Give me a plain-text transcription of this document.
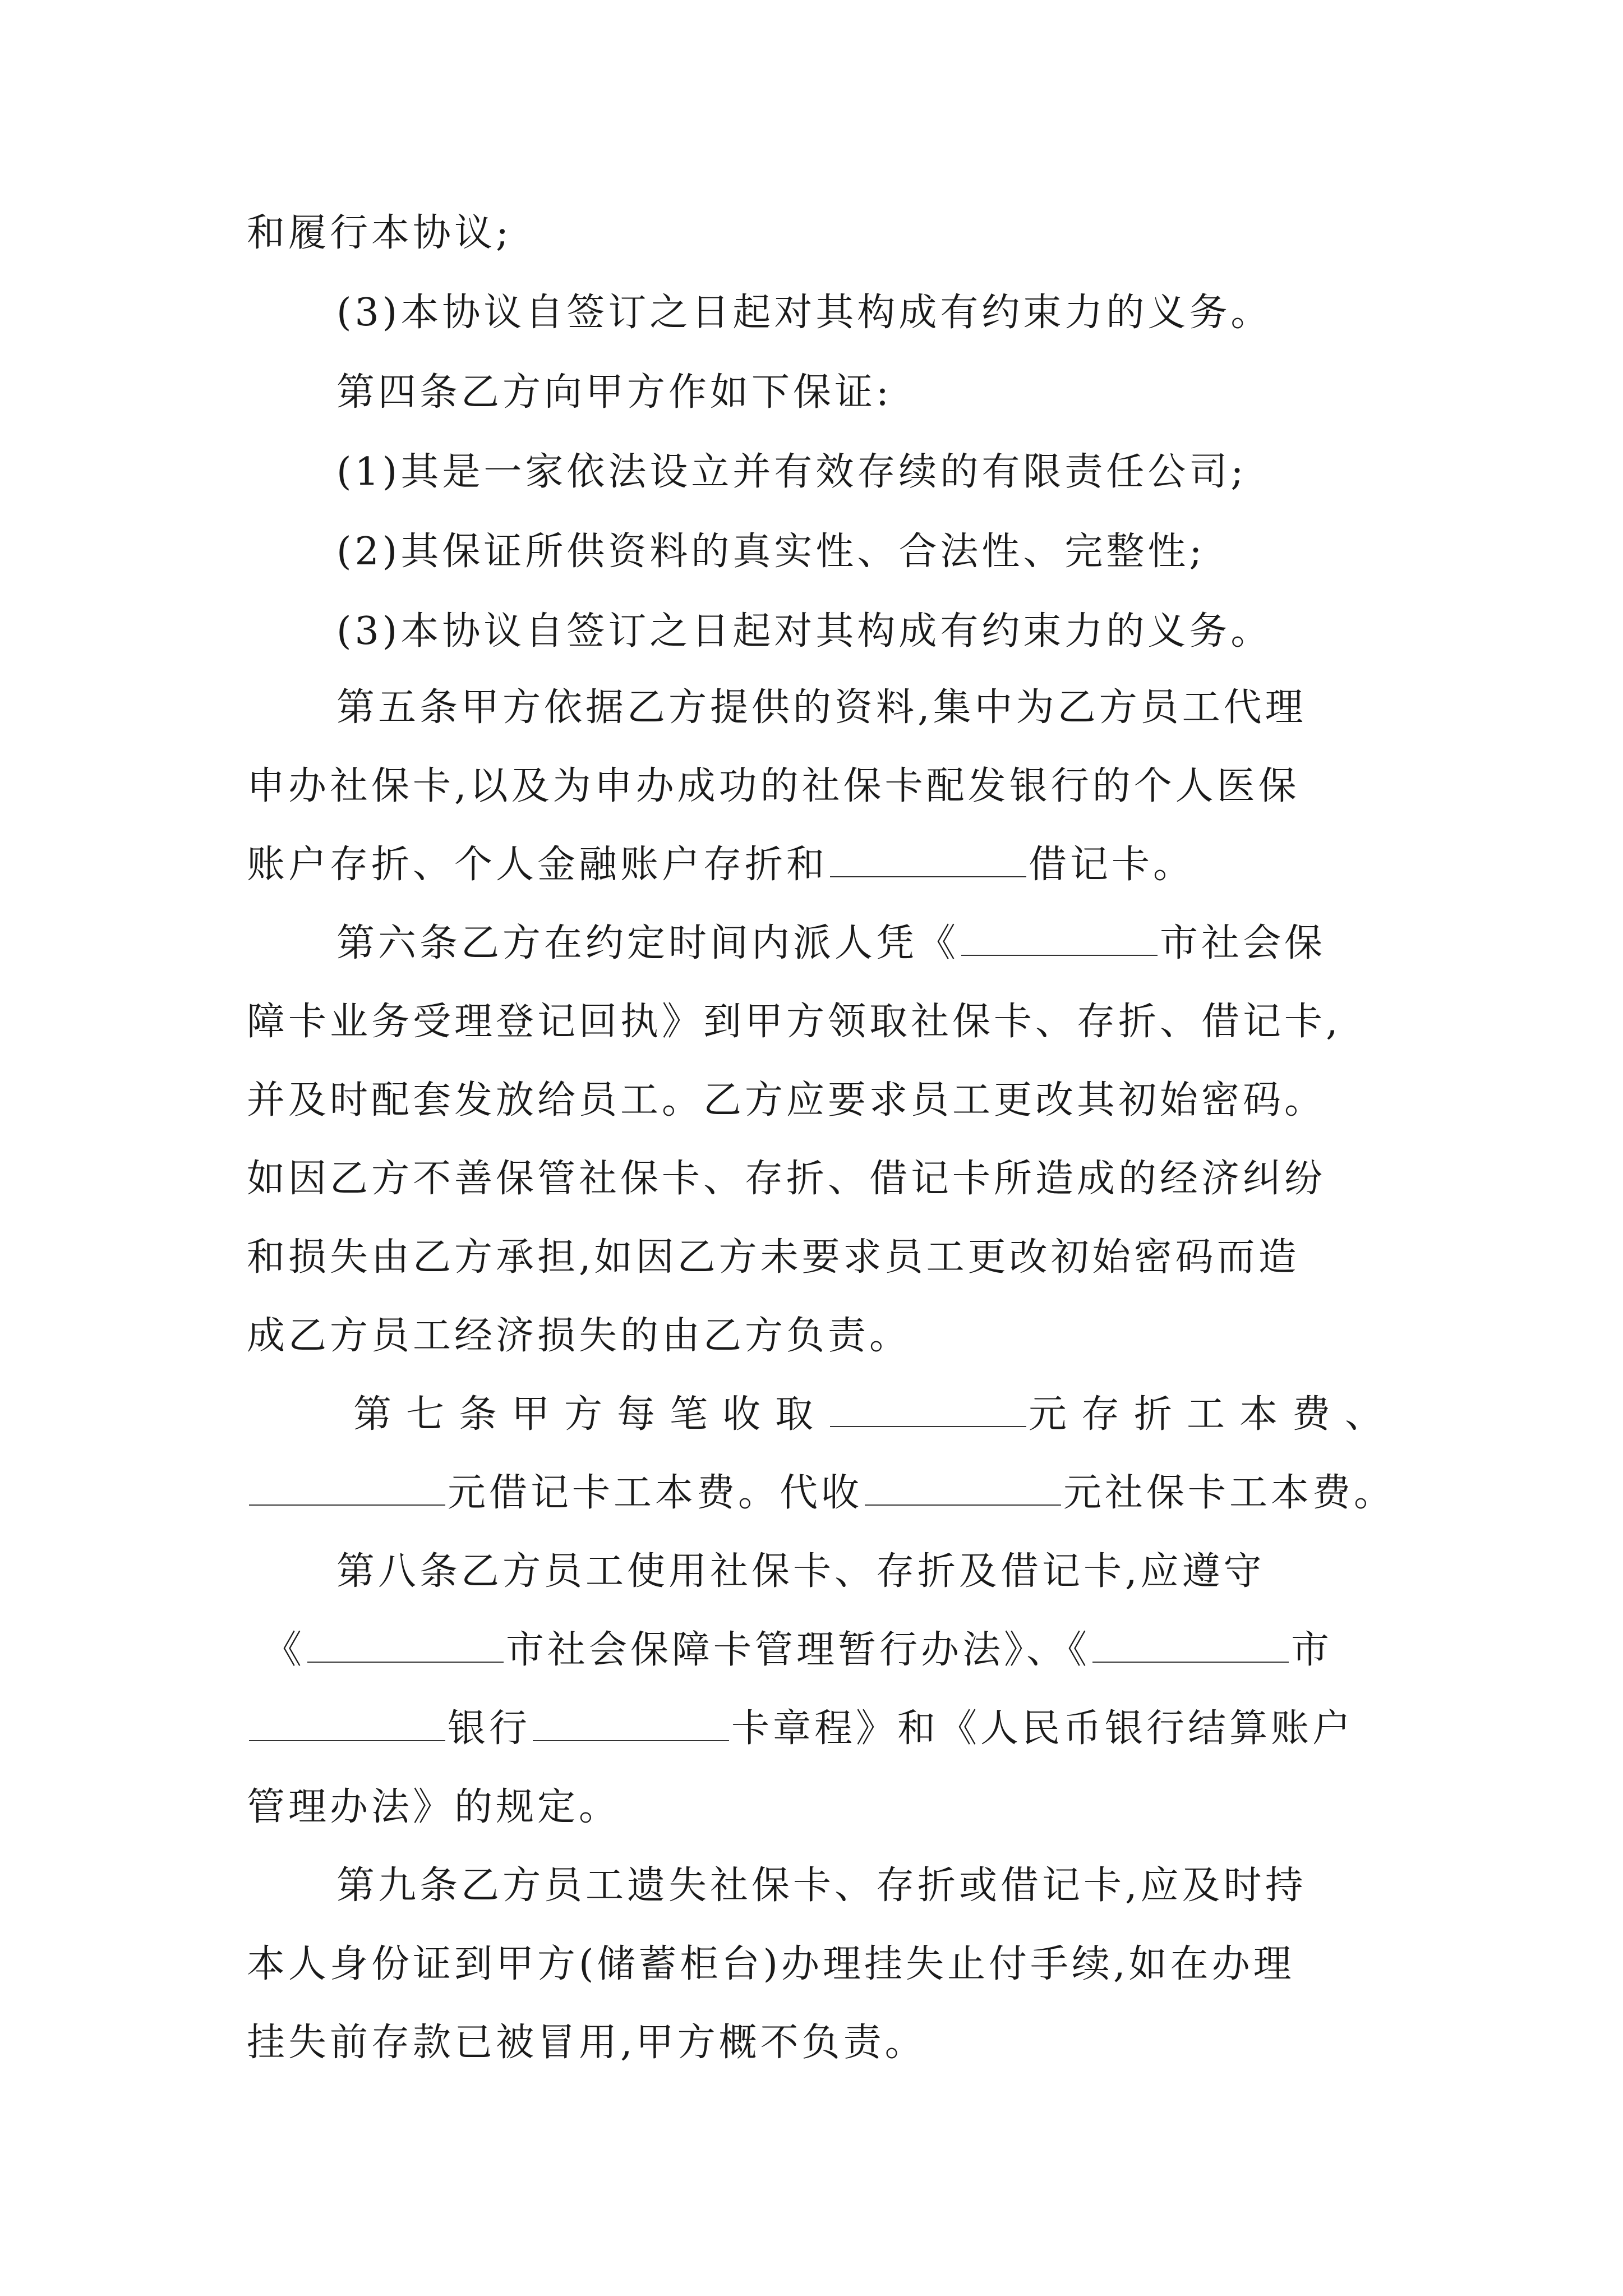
和履行本协议;
(3)本协议自签订之日起对其构成有约束力的义务。
第四条乙方向甲方作如下保证:
(1)其是一家依法设立并有效存续的有限责任公司;
(2)其保证所供资料的真实性、合法性、完整性;
(3)本协议自签订之日起对其构成有约束力的义务。
第五条甲方依据乙方提供的资料,集中为乙方员工代理
申办社保卡,以及为申办成功的社保卡配发银行的个人医保
账户存折、个人金融账户存折和	借记卡。
第六条乙方在约定时间内派人凭《	市社会保
障卡业务受理登记回执》到甲方领取社保卡、存折、借记卡,
并及时配套发放给员工。乙方应要求员工更改其初始密码。
如因乙方不善保管社保卡、存折、借记卡所造成的经济纠纷
和损失由乙方承担,如因乙方未要求员工更改初始密码而造
成乙方员工经济损失的由乙方负责。
第七条甲方每笔收取	元存折工本费、
元借记卡工本费。代收	元社保卡工本费。
第八条乙方员工使用社保卡、存折及借记卡,应遵守
《	市社会保障卡管理暂行办法》、《	市
银行	卡章程》和《人民币银行结算账户
管理办法》的规定。
第九条乙方员工遗失社保卡、存折或借记卡,应及时持
本人身份证到甲方(储蓄柜台)办理挂失止付手续,如在办理
挂失前存款已被冒用,甲方概不负责。
